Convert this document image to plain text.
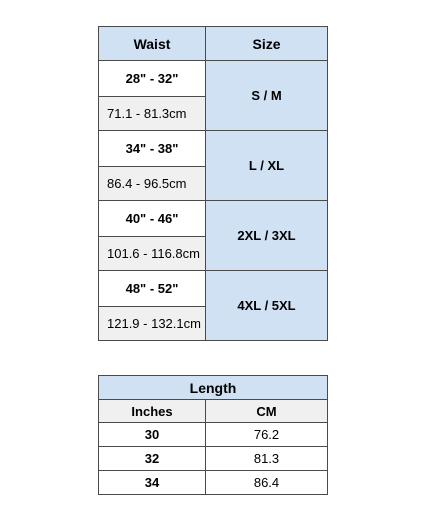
Waist	Size
28" - 32"	S / M
71.1 - 81.3cm	
34" - 38"	L / XL
86.4 - 96.5cm	
40" - 46"	2XL / 3XL
101.6 - 116.8cm	
48" - 52"	4XL / 5XL
121.9 - 132.1cm	
Length	
Inches	CM
30	76.2
32	81.3
34	86.4
